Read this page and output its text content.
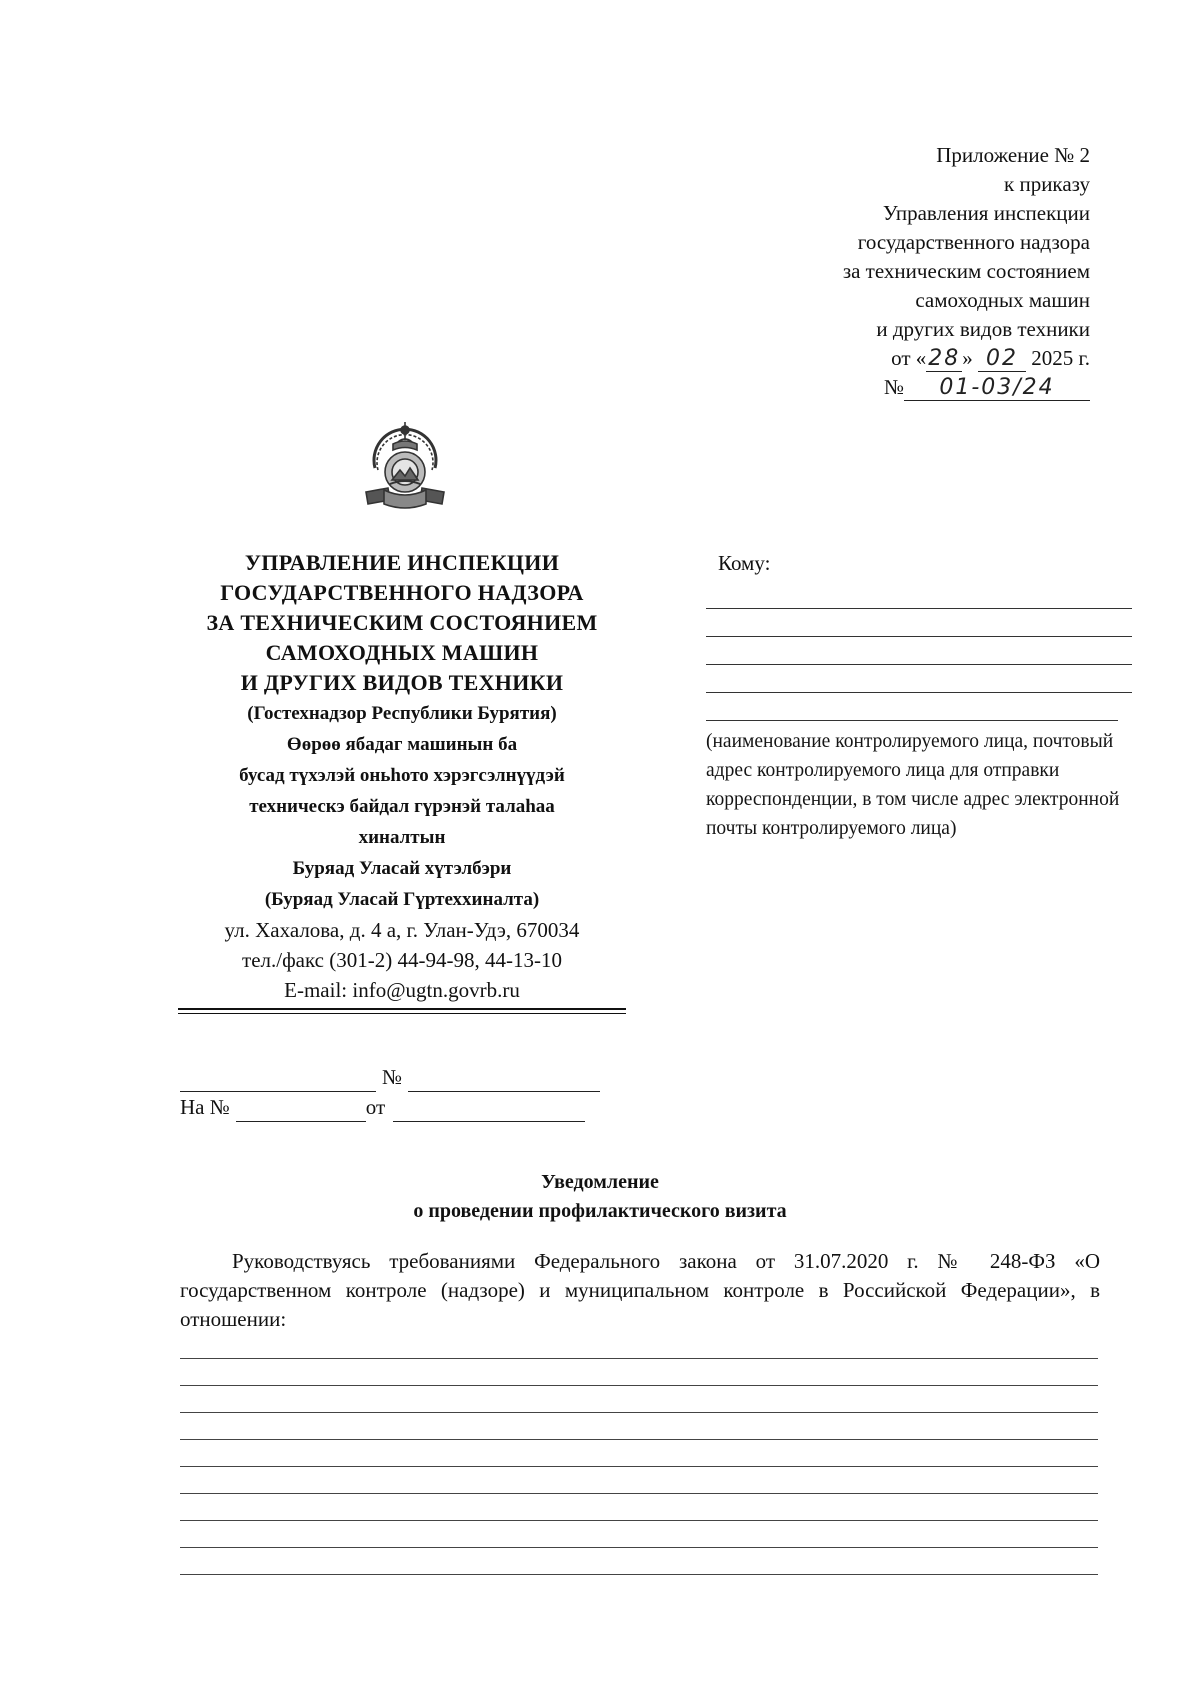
Приложение № 2
к приказу
Управления инспекции
государственного надзора
за техническим состоянием
самоходных машин
и других видов техники
от «28» 02 2025 г.
№ 01-03/24
УПРАВЛЕНИЕ ИНСПЕКЦИИ
ГОСУДАРСТВЕННОГО НАДЗОРА
ЗА ТЕХНИЧЕСКИМ СОСТОЯНИЕМ
САМОХОДНЫХ МАШИН
И ДРУГИХ ВИДОВ ТЕХНИКИ
(Гостехнадзор Республики Бурятия)
Өөрөө ябадаг машинын ба
бусад түхэлэй оньһото хэрэгсэлнүүдэй
техническэ байдал гүрэнэй талаһаа
хиналтын
Буряад Уласай хүтэлбэри
(Буряад Уласай Гүртеххиналта)
ул. Хахалова, д. 4 а, г. Улан-Удэ, 670034
тел./факс (301-2) 44-94-98, 44-13-10
E-mail: info@ugtn.govrb.ru
Кому:
(наименование контролируемого лица, почтовый адрес контролируемого лица для отправки корреспонденции, в том числе адрес электронной почты контролируемого лица)
№
На №	от
Уведомление
о проведении профилактического визита
Руководствуясь требованиями Федерального закона от 31.07.2020 г. № 248-ФЗ «О государственном контроле (надзоре) и муниципальном контроле в Российской Федерации», в отношении:
